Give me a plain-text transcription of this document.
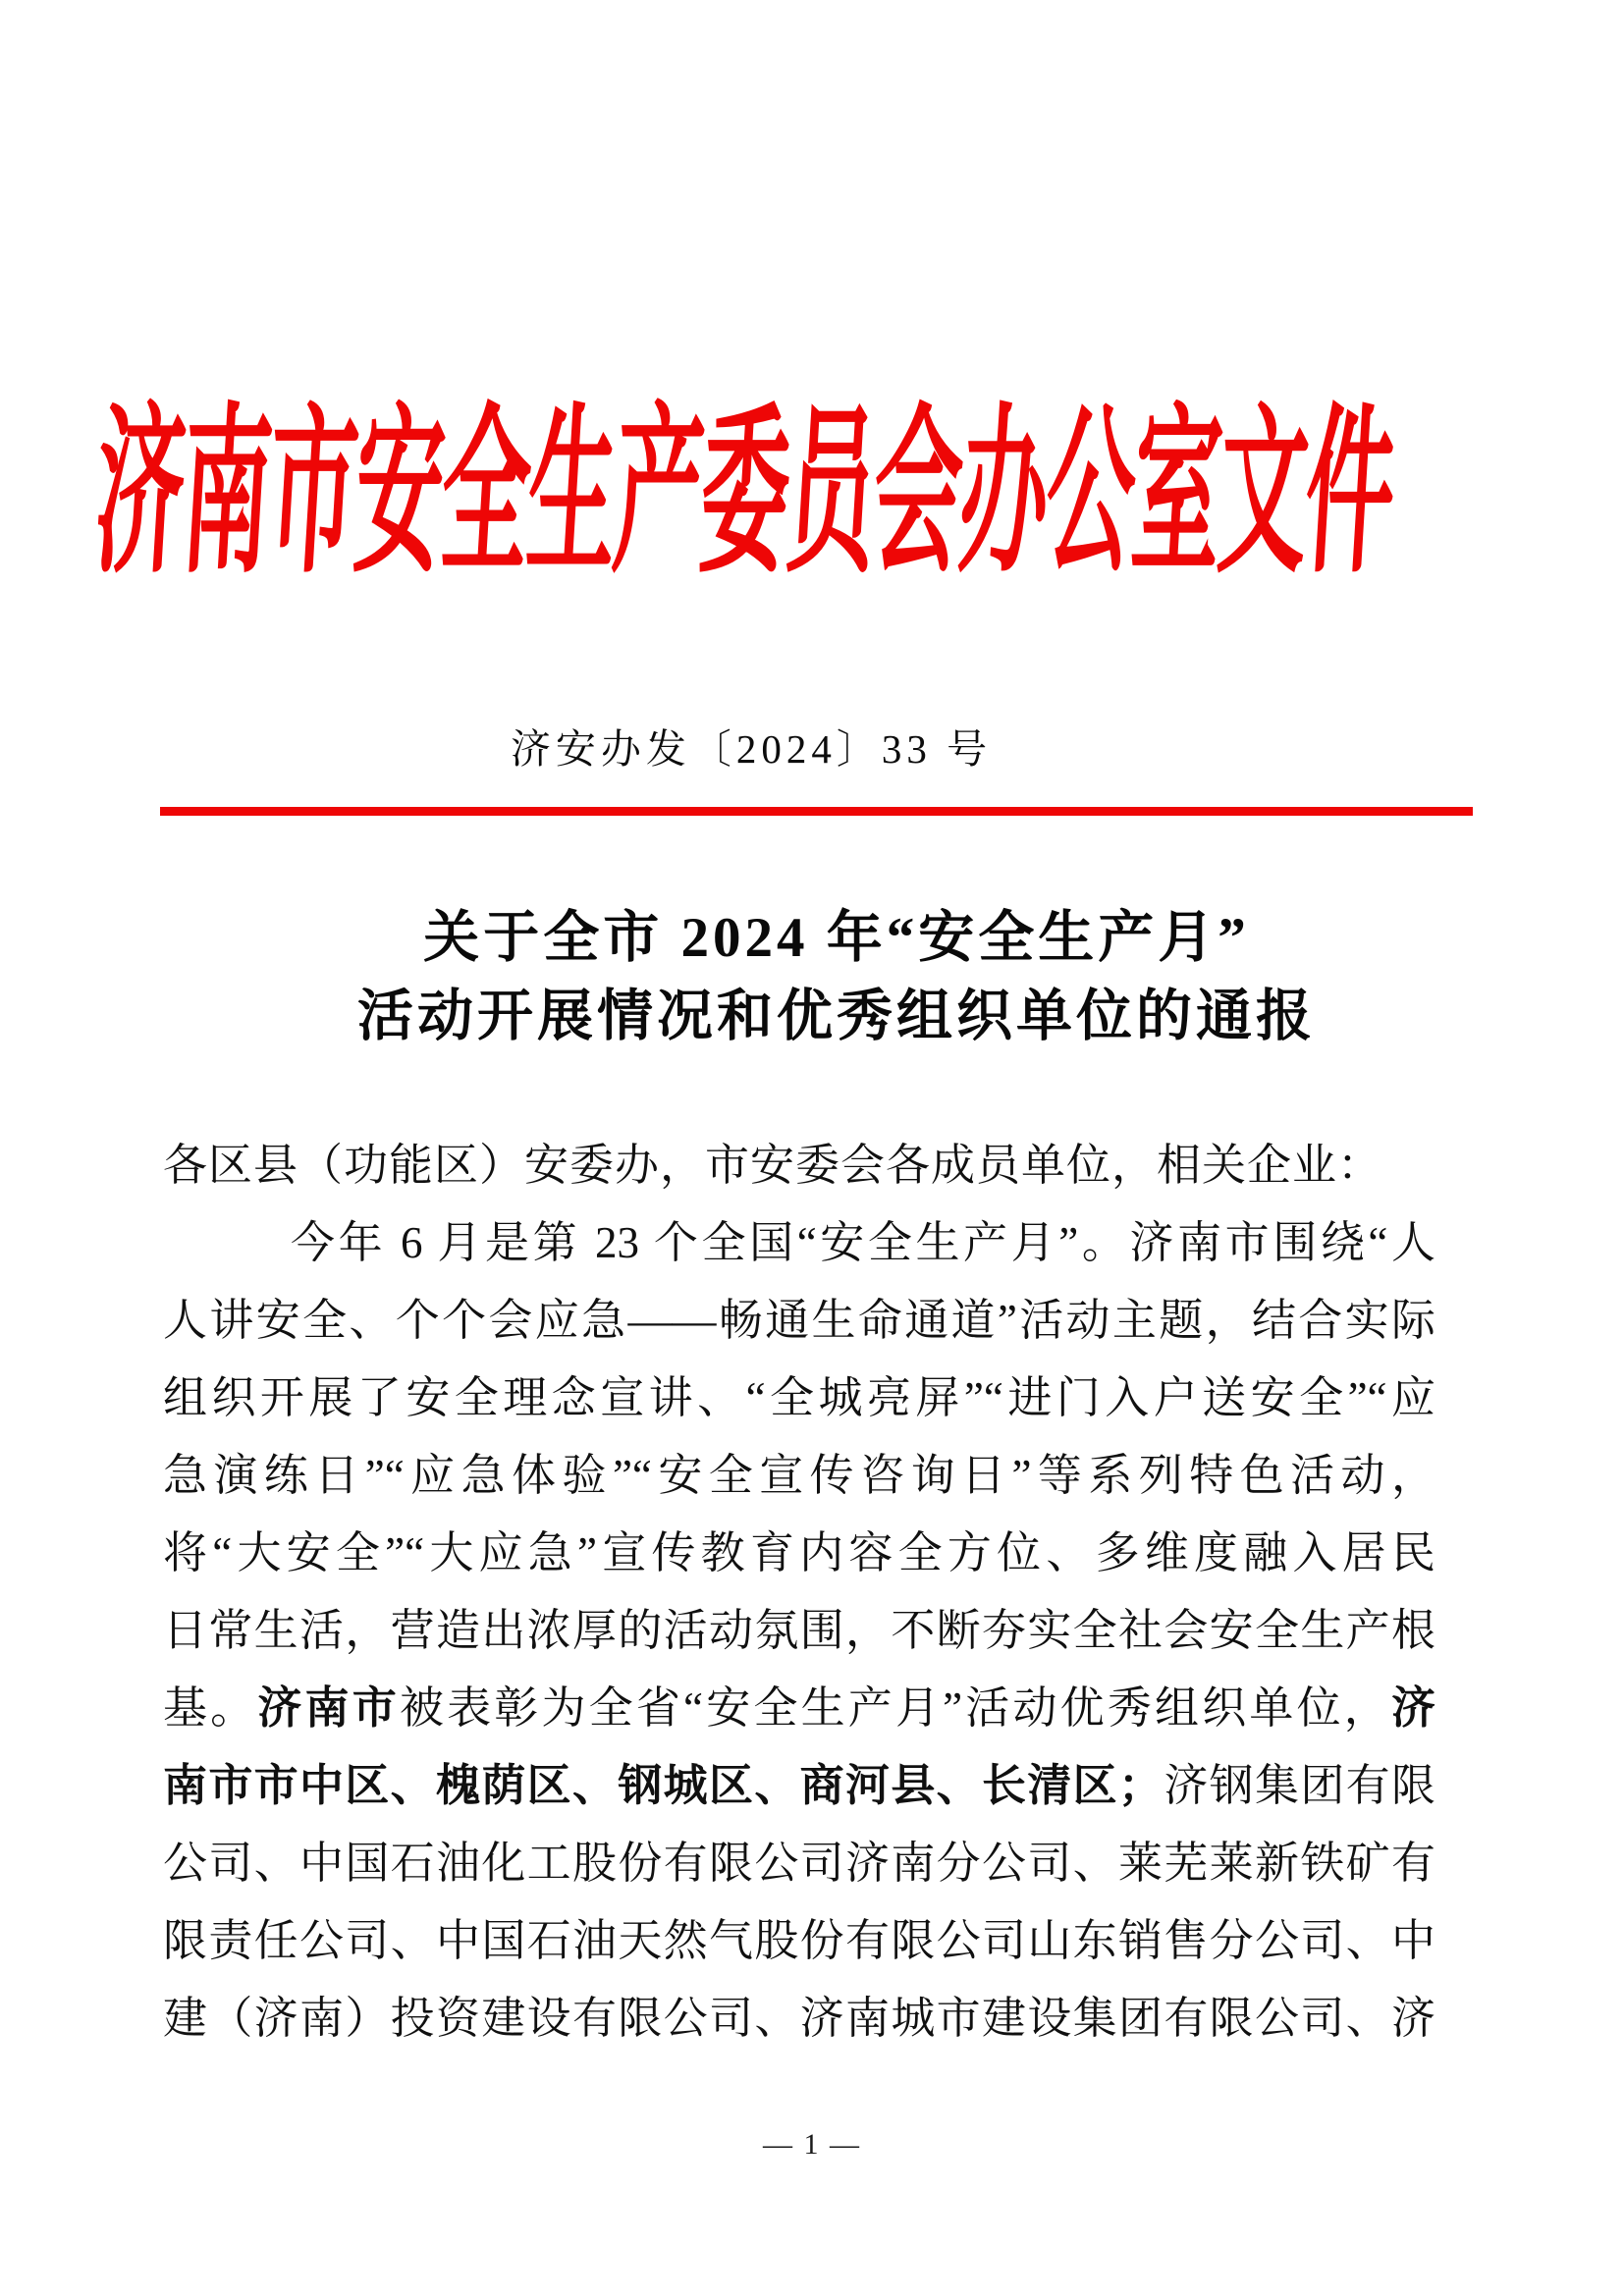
济南市安全生产委员会办公室文件
济安办发〔2024〕33 号
关于全市 2024 年“安全生产月”
活动开展情况和优秀组织单位的通报
各区县（功能区）安委办，市安委会各成员单位，相关企业：
今年 6 月是第 23 个全国“安全生产月”。济南市围绕“人
人讲安全、个个会应急——畅通生命通道”活动主题，结合实际
组织开展了安全理念宣讲、“全城亮屏”“进门入户送安全”“应
急演练日”“应急体验”“安全宣传咨询日”等系列特色活动，
将“大安全”“大应急”宣传教育内容全方位、多维度融入居民
日常生活，营造出浓厚的活动氛围，不断夯实全社会安全生产根
基。济南市被表彰为全省“安全生产月”活动优秀组织单位，济
南市市中区、槐荫区、钢城区、商河县、长清区；济钢集团有限
公司、中国石油化工股份有限公司济南分公司、莱芜莱新铁矿有
限责任公司、中国石油天然气股份有限公司山东销售分公司、中
建（济南）投资建设有限公司、济南城市建设集团有限公司、济
— 1 —
